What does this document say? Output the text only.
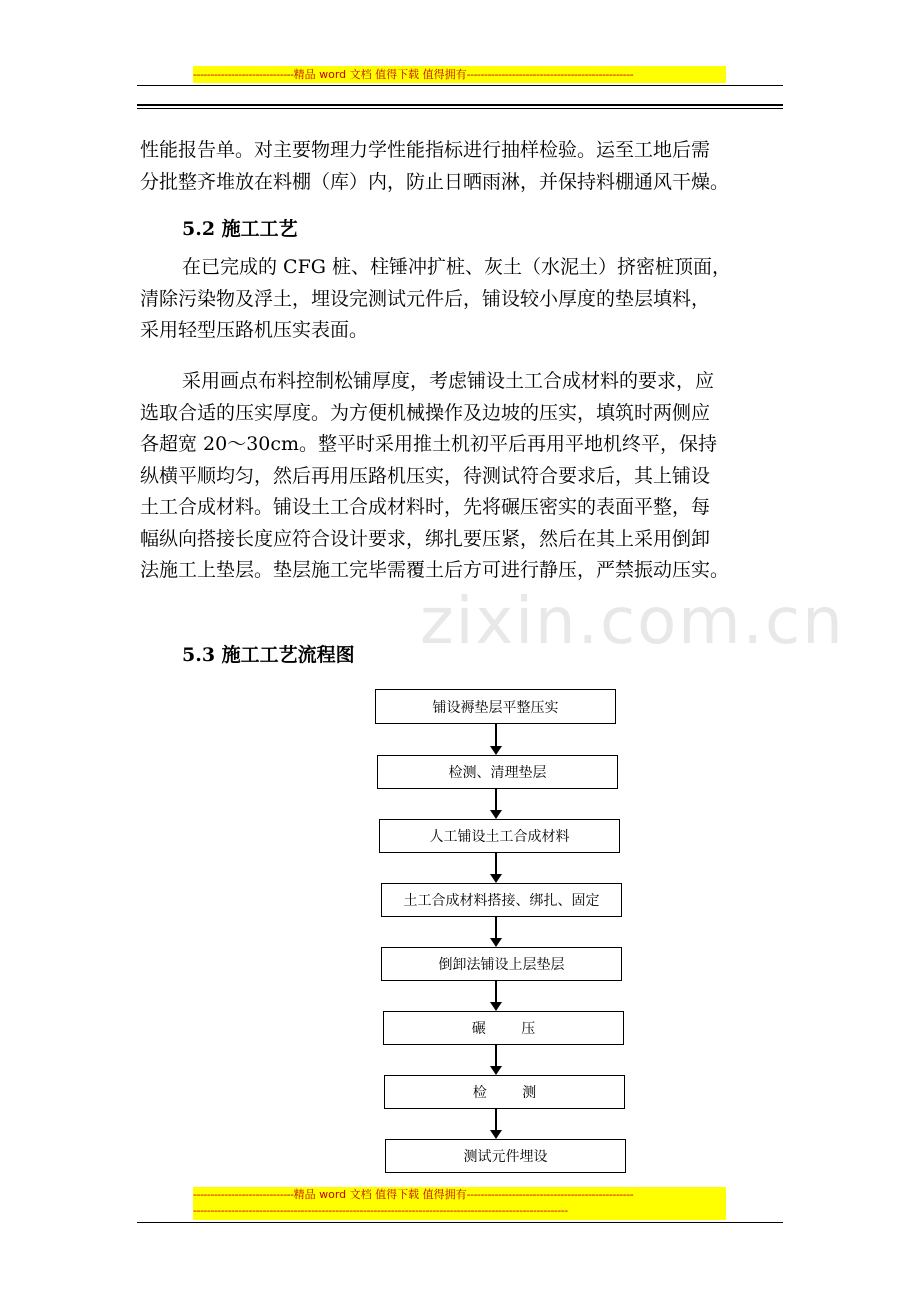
-----------------------------精品 word 文档 值得下载 值得拥有------------------------------------------------
zixin.com.cn
性能报告单。对主要物理力学性能指标进行抽样检验。运至工地后需
分批整齐堆放在料棚（库）内，防止日晒雨淋，并保持料棚通风干燥。
5.2 施工工艺
在已完成的 CFG 桩、柱锤冲扩桩、灰土（水泥土）挤密桩顶面，
清除污染物及浮土，埋设完测试元件后，铺设较小厚度的垫层填料，
采用轻型压路机压实表面。
采用画点布料控制松铺厚度，考虑铺设土工合成材料的要求，应
选取合适的压实厚度。为方便机械操作及边坡的压实，填筑时两侧应
各超宽 20～30cm。整平时采用推土机初平后再用平地机终平，保持
纵横平顺均匀，然后再用压路机压实，待测试符合要求后，其上铺设
土工合成材料。铺设土工合成材料时，先将碾压密实的表面平整，每
幅纵向搭接长度应符合设计要求，绑扎要压紧，然后在其上采用倒卸
法施工上垫层。垫层施工完毕需覆土后方可进行静压，严禁振动压实。
5.3 施工工艺流程图
铺设褥垫层平整压实
检测、清理垫层
人工铺设土工合成材料
土工合成材料搭接、绑扎、固定
倒卸法铺设上层垫层
碾        压
检        测
测试元件埋设
-----------------------------精品 word 文档 值得下载 值得拥有------------------------------------------------
------------------------------------------------------------------------------------------------------------
